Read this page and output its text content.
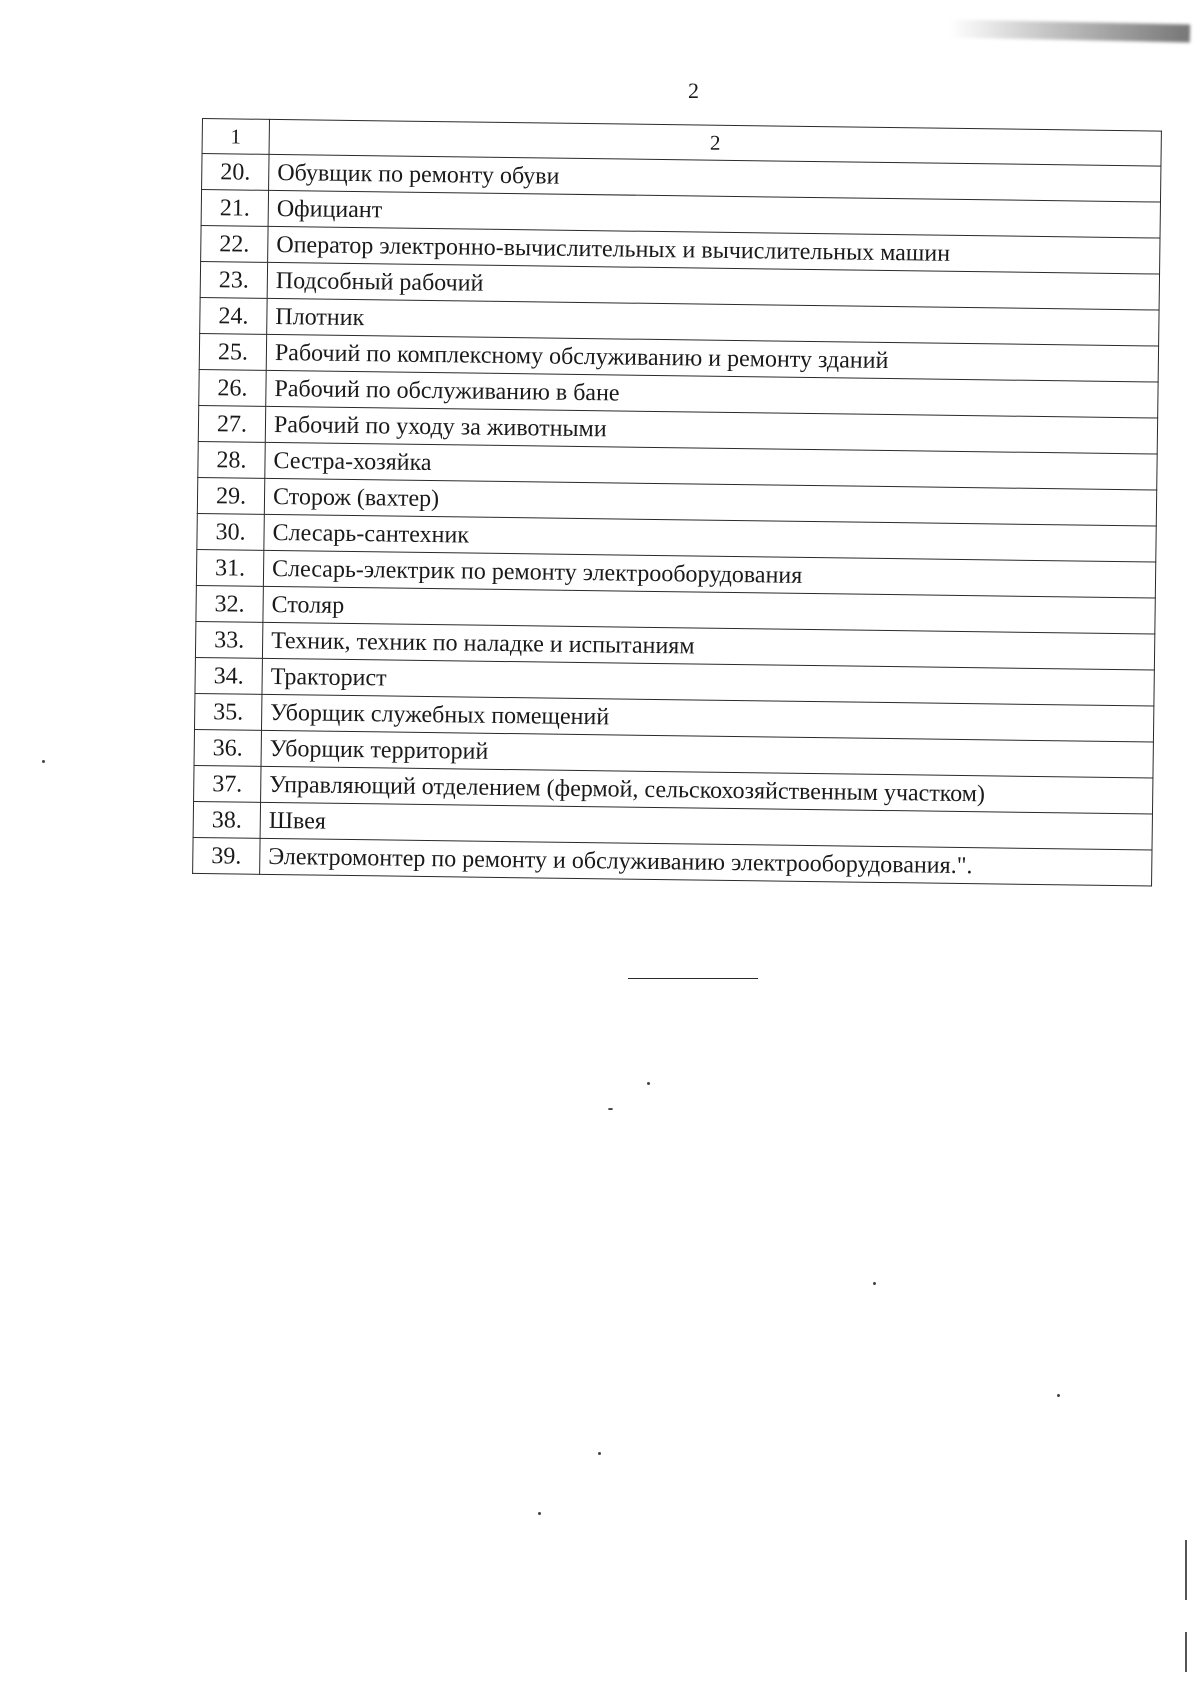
2
1	2
20.	Обувщик по ремонту обуви
21.	Официант
22.	Оператор электронно-вычислительных и вычислительных машин
23.	Подсобный рабочий
24.	Плотник
25.	Рабочий по комплексному обслуживанию и ремонту зданий
26.	Рабочий по обслуживанию в бане
27.	Рабочий по уходу за животными
28.	Сестра-хозяйка
29.	Сторож (вахтер)
30.	Слесарь-сантехник
31.	Слесарь-электрик по ремонту электрооборудования
32.	Столяр
33.	Техник, техник по наладке и испытаниям
34.	Тракторист
35.	Уборщик служебных помещений
36.	Уборщик территорий
37.	Управляющий отделением (фермой, сельскохозяйственным участком)
38.	Швея
39.	Электромонтер по ремонту и обслуживанию электрооборудования.".
